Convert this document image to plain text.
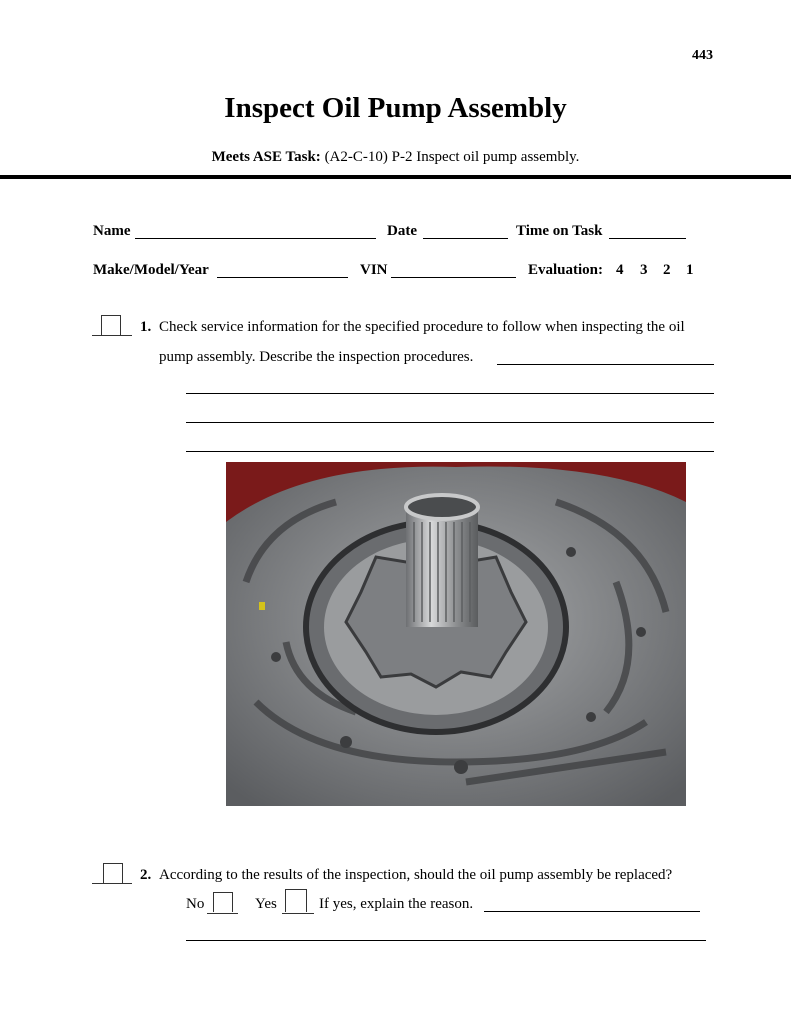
443
Inspect Oil Pump Assembly
Meets ASE Task: (A2-C-10) P-2 Inspect oil pump assembly.
Name	Date	Time on Task
Make/Model/Year	VIN	Evaluation: 4 3 2 1
1. Check service information for the specified procedure to follow when inspecting the oil
pump assembly. Describe the inspection procedures.
2. According to the results of the inspection, should the oil pump assembly be replaced?
No	Yes	If yes, explain the reason.
